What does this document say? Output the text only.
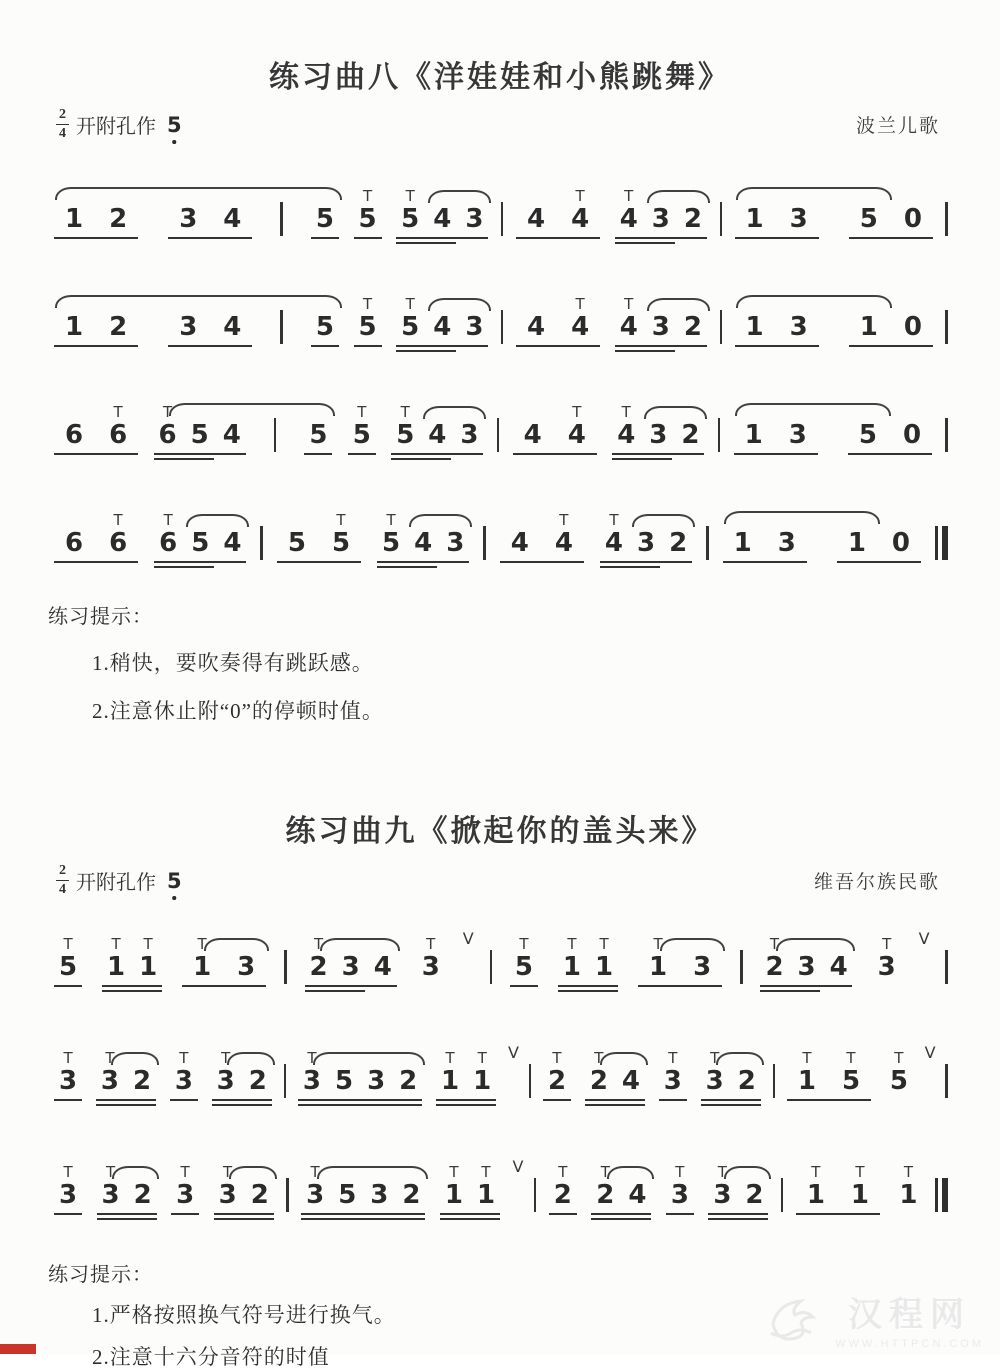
练习曲八《洋娃娃和小熊跳舞》
$\frac{2}{4}$ 开附孔作 5	波兰儿歌
1	2	3	4	5 5
T
5
T
4 3	4	4
T
4
T
3 2	1	3	5	0
1	2	3	4	5 5
T
5
T
4 3	4	4
T
4
T
3 2	1	3	1	0
6	6
T
6
T
5 4	5 5
T
5
T
4 3	4	4
T
4
T
3 2	1	3	5	0
6	6
T
6
T
5 4	5	5
T
5
T
4 3	4	4
T
4
T
3 2	1	3	1	0
练习提示：
1.稍快，要吹奏得有跳跃感。
2.注意休止附“0”的停顿时值。
练习曲九《掀起你的盖头来》
$\frac{2}{4}$ 开附孔作 5	维吾尔族民歌
5
T
1
T
1
T
1
T
3	2
T
3 4 3
T V
5
T
1
T
1
T
1
T
3	2
T
3 4 3
T V
3
T
3
T
2 3
T
3
T
2 3
T
5 3 2 1
T
1
T V
2
T
2
T
4 3
T
3
T
2	1
T
5
T
5
T V
3
T
3
T
2 3
T
3
T
2 3
T
5 3 2 1
T
1
T V
2
T
2
T
4 3
T
3
T
2	1
T
1
T
1
T
练习提示：
1.严格按照换气符号进行换气。
2.注意十六分音符的时值
汉程网
WWW.HTTPCN.COM
